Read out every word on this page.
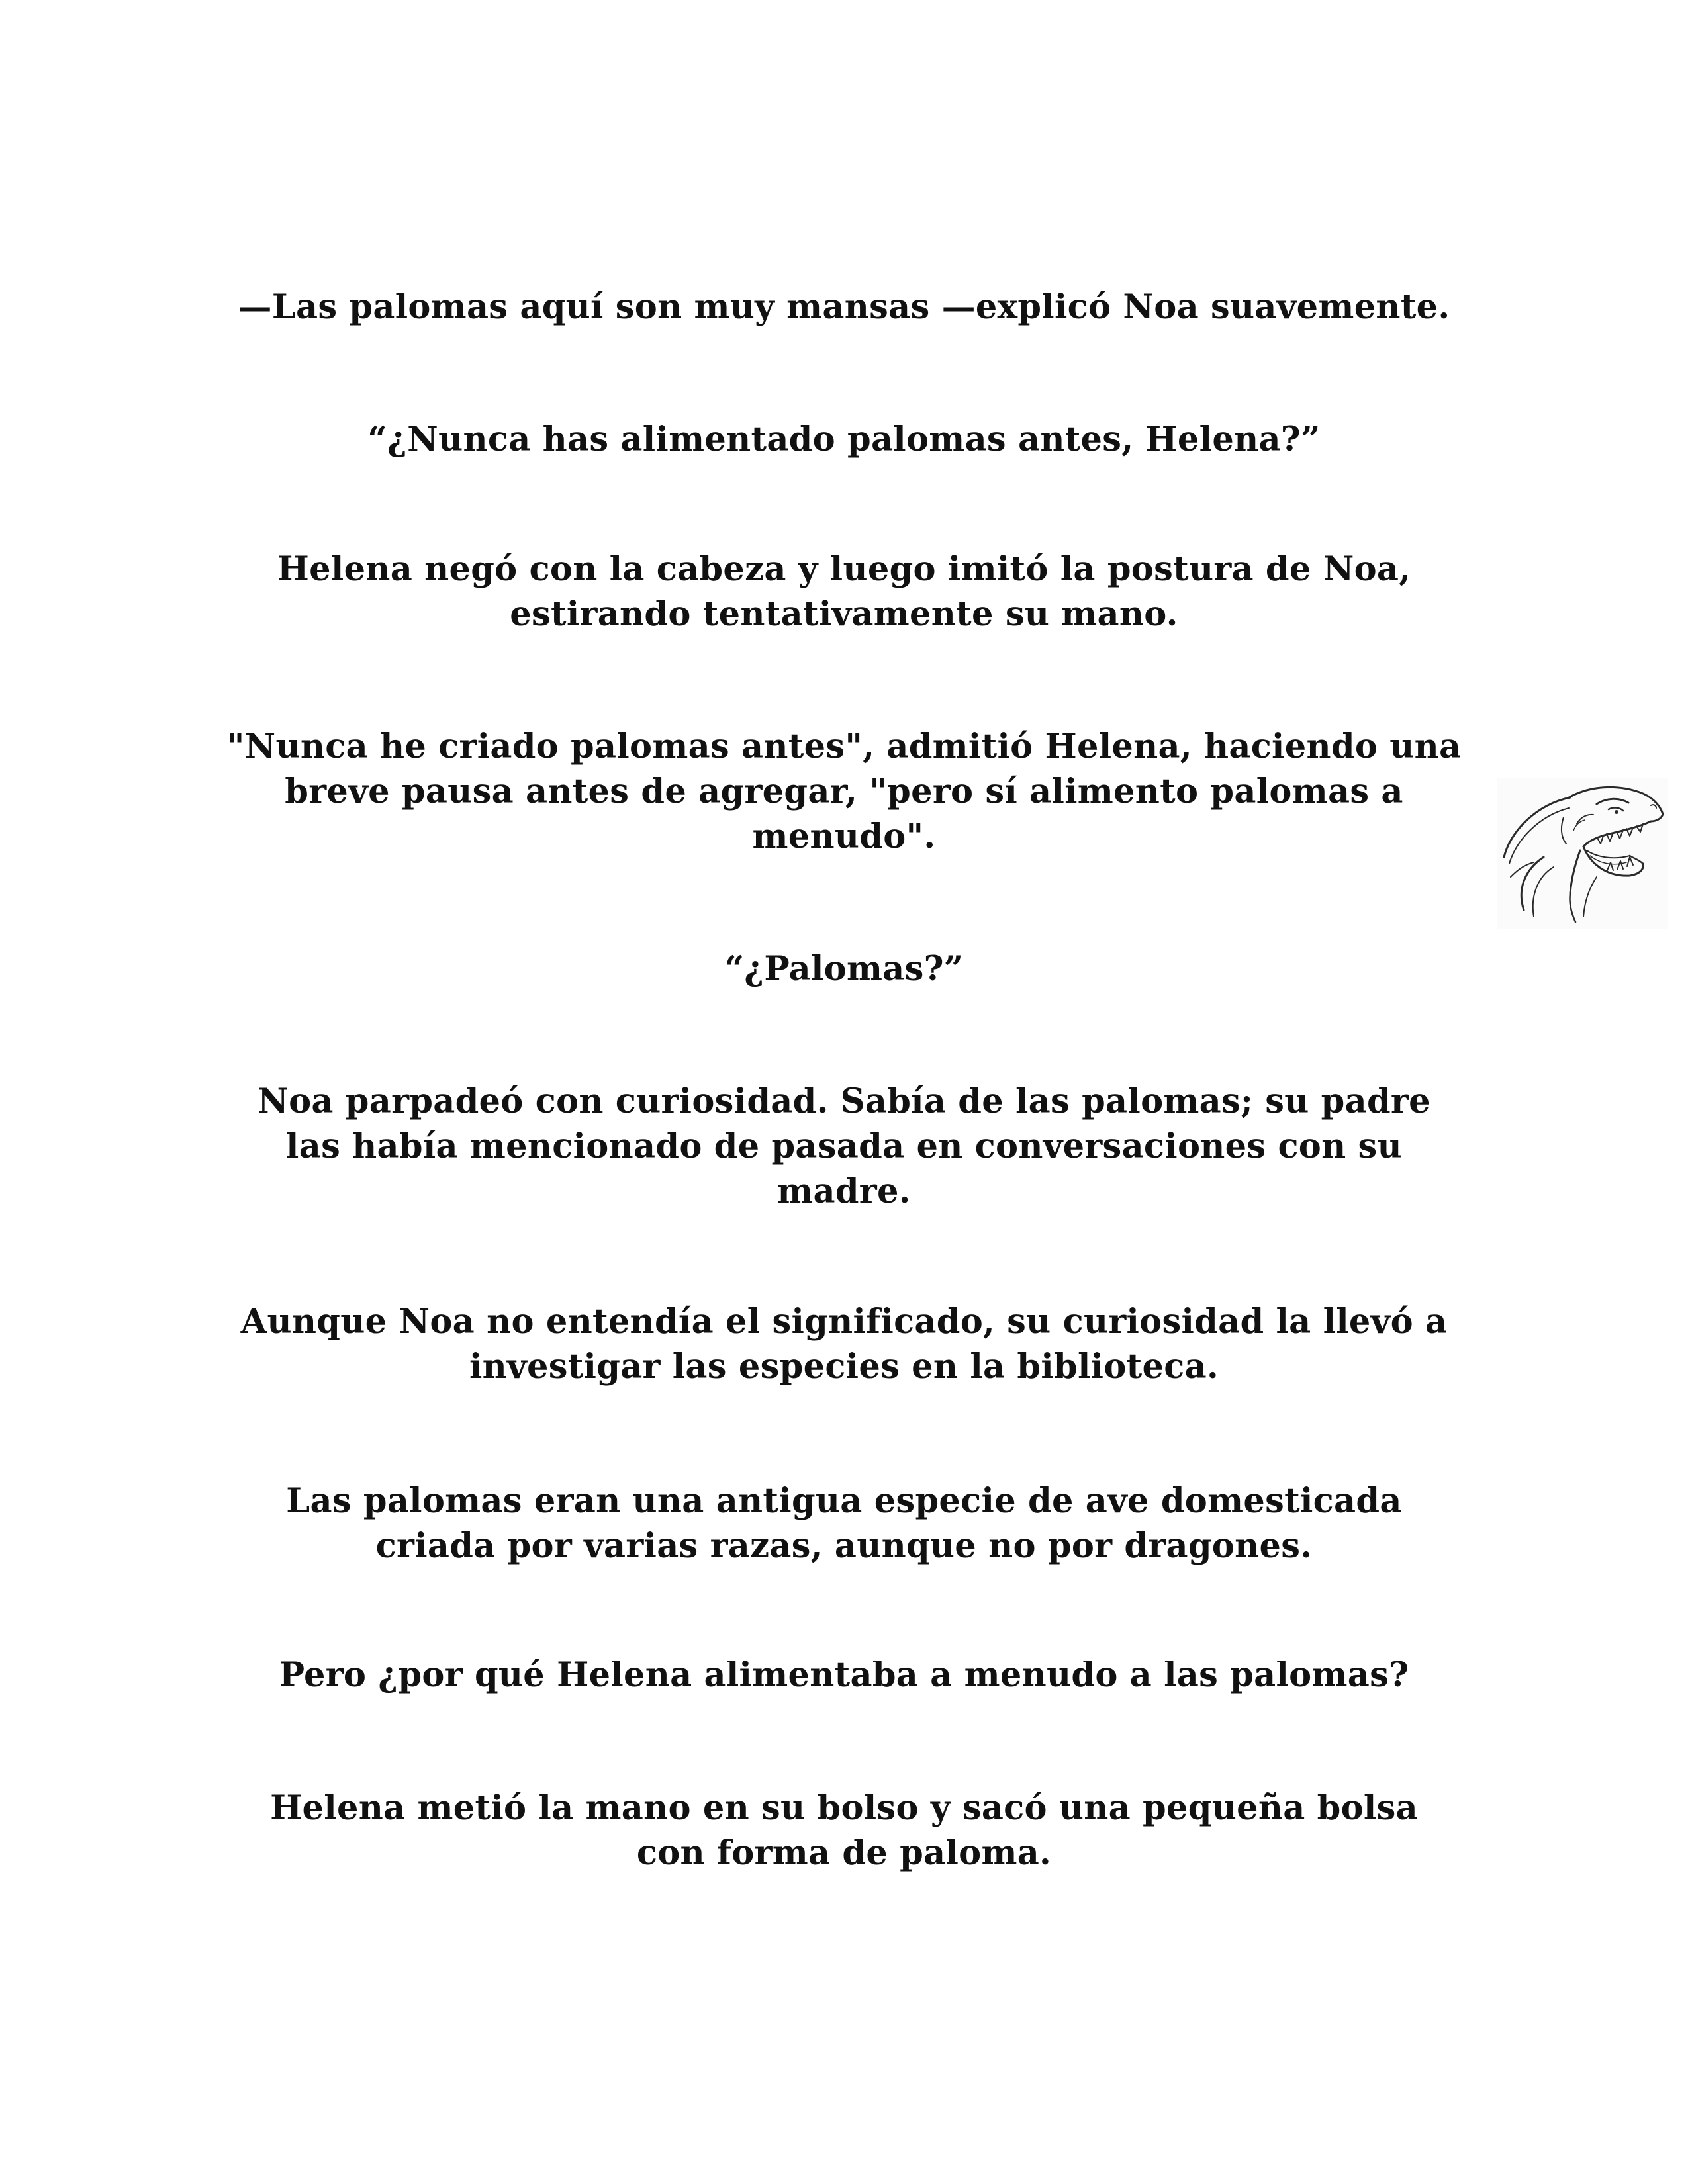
—Las palomas aquí son muy mansas —explicó Noa suavemente.

“¿Nunca has alimentado palomas antes, Helena?”

Helena negó con la cabeza y luego imitó la postura de Noa, estirando tentativamente su mano.

"Nunca he criado palomas antes", admitió Helena, haciendo una breve pausa antes de agregar, "pero sí alimento palomas a menudo".

“¿Palomas?”

Noa parpadeó con curiosidad. Sabía de las palomas; su padre las había mencionado de pasada en conversaciones con su madre.

Aunque Noa no entendía el significado, su curiosidad la llevó a investigar las especies en la biblioteca.

Las palomas eran una antigua especie de ave domesticada criada por varias razas, aunque no por dragones.

Pero ¿por qué Helena alimentaba a menudo a las palomas?

Helena metió la mano en su bolso y sacó una pequeña bolsa con forma de paloma.
